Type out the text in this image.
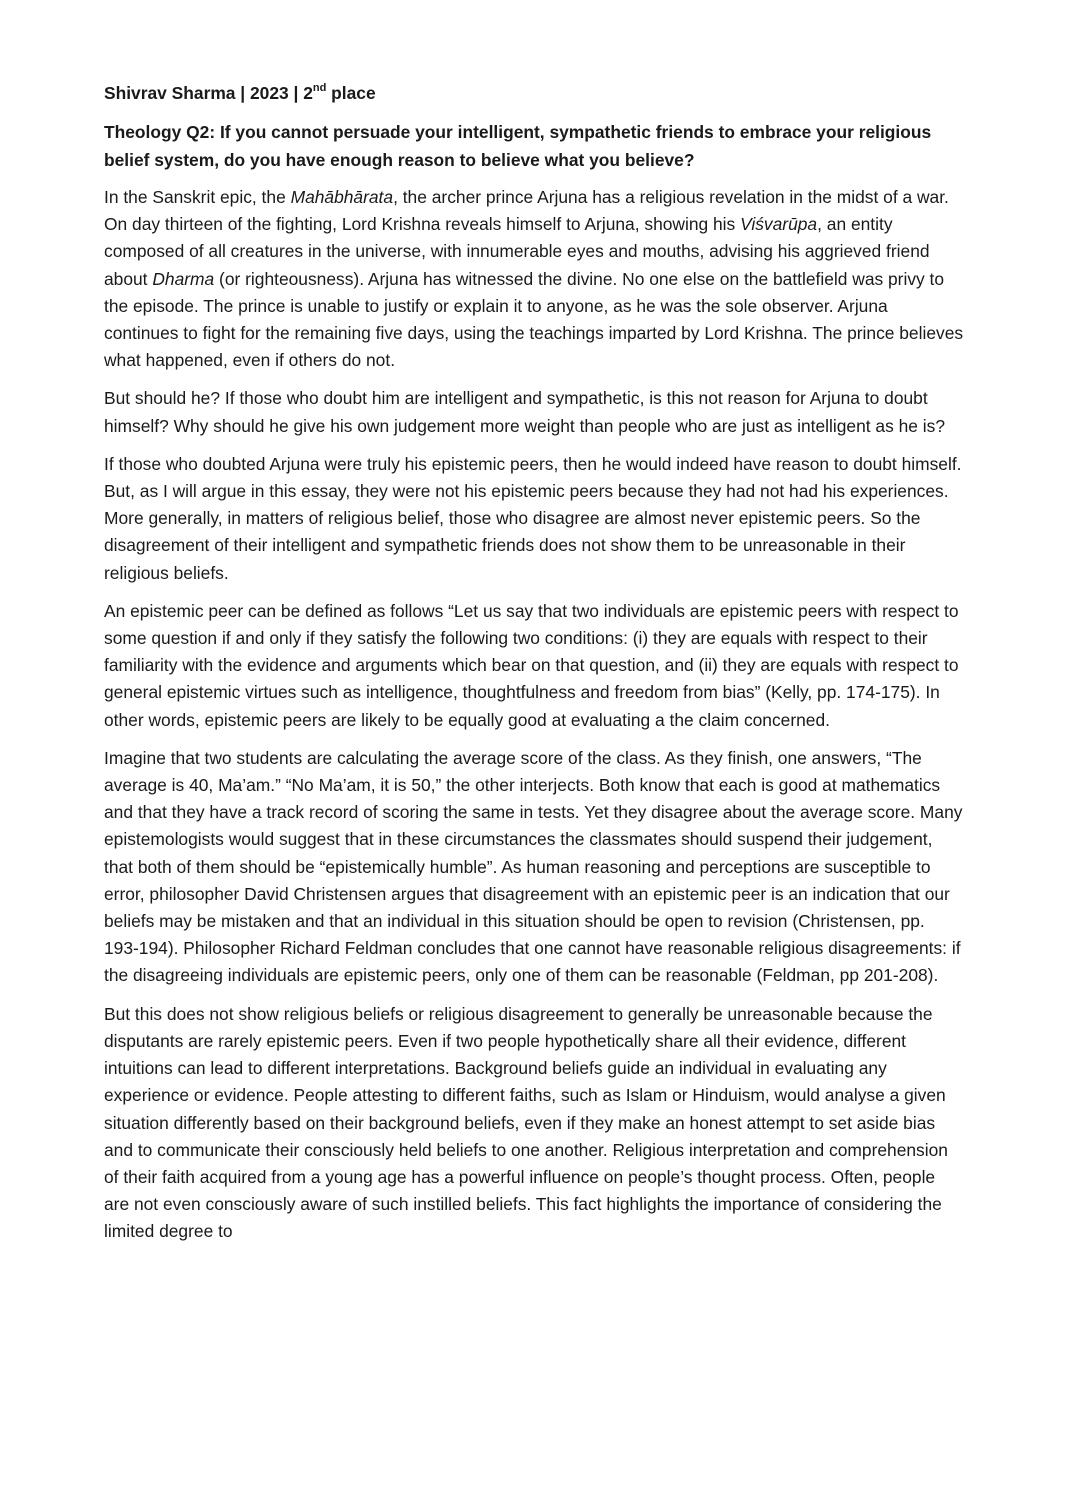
Shivrav Sharma | 2023 | 2nd place
Theology Q2: If you cannot persuade your intelligent, sympathetic friends to embrace your religious belief system, do you have enough reason to believe what you believe?

In the Sanskrit epic, the Mahābhārata, the archer prince Arjuna has a religious revelation in the midst of a war. On day thirteen of the fighting, Lord Krishna reveals himself to Arjuna, showing his Viśvarūpa, an entity composed of all creatures in the universe, with innumerable eyes and mouths, advising his aggrieved friend about Dharma (or righteousness). Arjuna has witnessed the divine. No one else on the battlefield was privy to the episode. The prince is unable to justify or explain it to anyone, as he was the sole observer. Arjuna continues to fight for the remaining five days, using the teachings imparted by Lord Krishna. The prince believes what happened, even if others do not.

But should he? If those who doubt him are intelligent and sympathetic, is this not reason for Arjuna to doubt himself? Why should he give his own judgement more weight than people who are just as intelligent as he is?

If those who doubted Arjuna were truly his epistemic peers, then he would indeed have reason to doubt himself. But, as I will argue in this essay, they were not his epistemic peers because they had not had his experiences. More generally, in matters of religious belief, those who disagree are almost never epistemic peers. So the disagreement of their intelligent and sympathetic friends does not show them to be unreasonable in their religious beliefs.

An epistemic peer can be defined as follows “Let us say that two individuals are epistemic peers with respect to some question if and only if they satisfy the following two conditions: (i) they are equals with respect to their familiarity with the evidence and arguments which bear on that question, and (ii) they are equals with respect to general epistemic virtues such as intelligence, thoughtfulness and freedom from bias” (Kelly, pp. 174-175). In other words, epistemic peers are likely to be equally good at evaluating a the claim concerned.

Imagine that two students are calculating the average score of the class. As they finish, one answers, “The average is 40, Ma’am.” “No Ma’am, it is 50,” the other interjects. Both know that each is good at mathematics and that they have a track record of scoring the same in tests. Yet they disagree about the average score. Many epistemologists would suggest that in these circumstances the classmates should suspend their judgement, that both of them should be “epistemically humble”. As human reasoning and perceptions are susceptible to error, philosopher David Christensen argues that disagreement with an epistemic peer is an indication that our beliefs may be mistaken and that an individual in this situation should be open to revision (Christensen, pp. 193-194). Philosopher Richard Feldman concludes that one cannot have reasonable religious disagreements: if the disagreeing individuals are epistemic peers, only one of them can be reasonable (Feldman, pp 201-208).

But this does not show religious beliefs or religious disagreement to generally be unreasonable because the disputants are rarely epistemic peers. Even if two people hypothetically share all their evidence, different intuitions can lead to different interpretations. Background beliefs guide an individual in evaluating any experience or evidence. People attesting to different faiths, such as Islam or Hinduism, would analyse a given situation differently based on their background beliefs, even if they make an honest attempt to set aside bias and to communicate their consciously held beliefs to one another. Religious interpretation and comprehension of their faith acquired from a young age has a powerful influence on people’s thought process. Often, people are not even consciously aware of such instilled beliefs. This fact highlights the importance of considering the limited degree to
